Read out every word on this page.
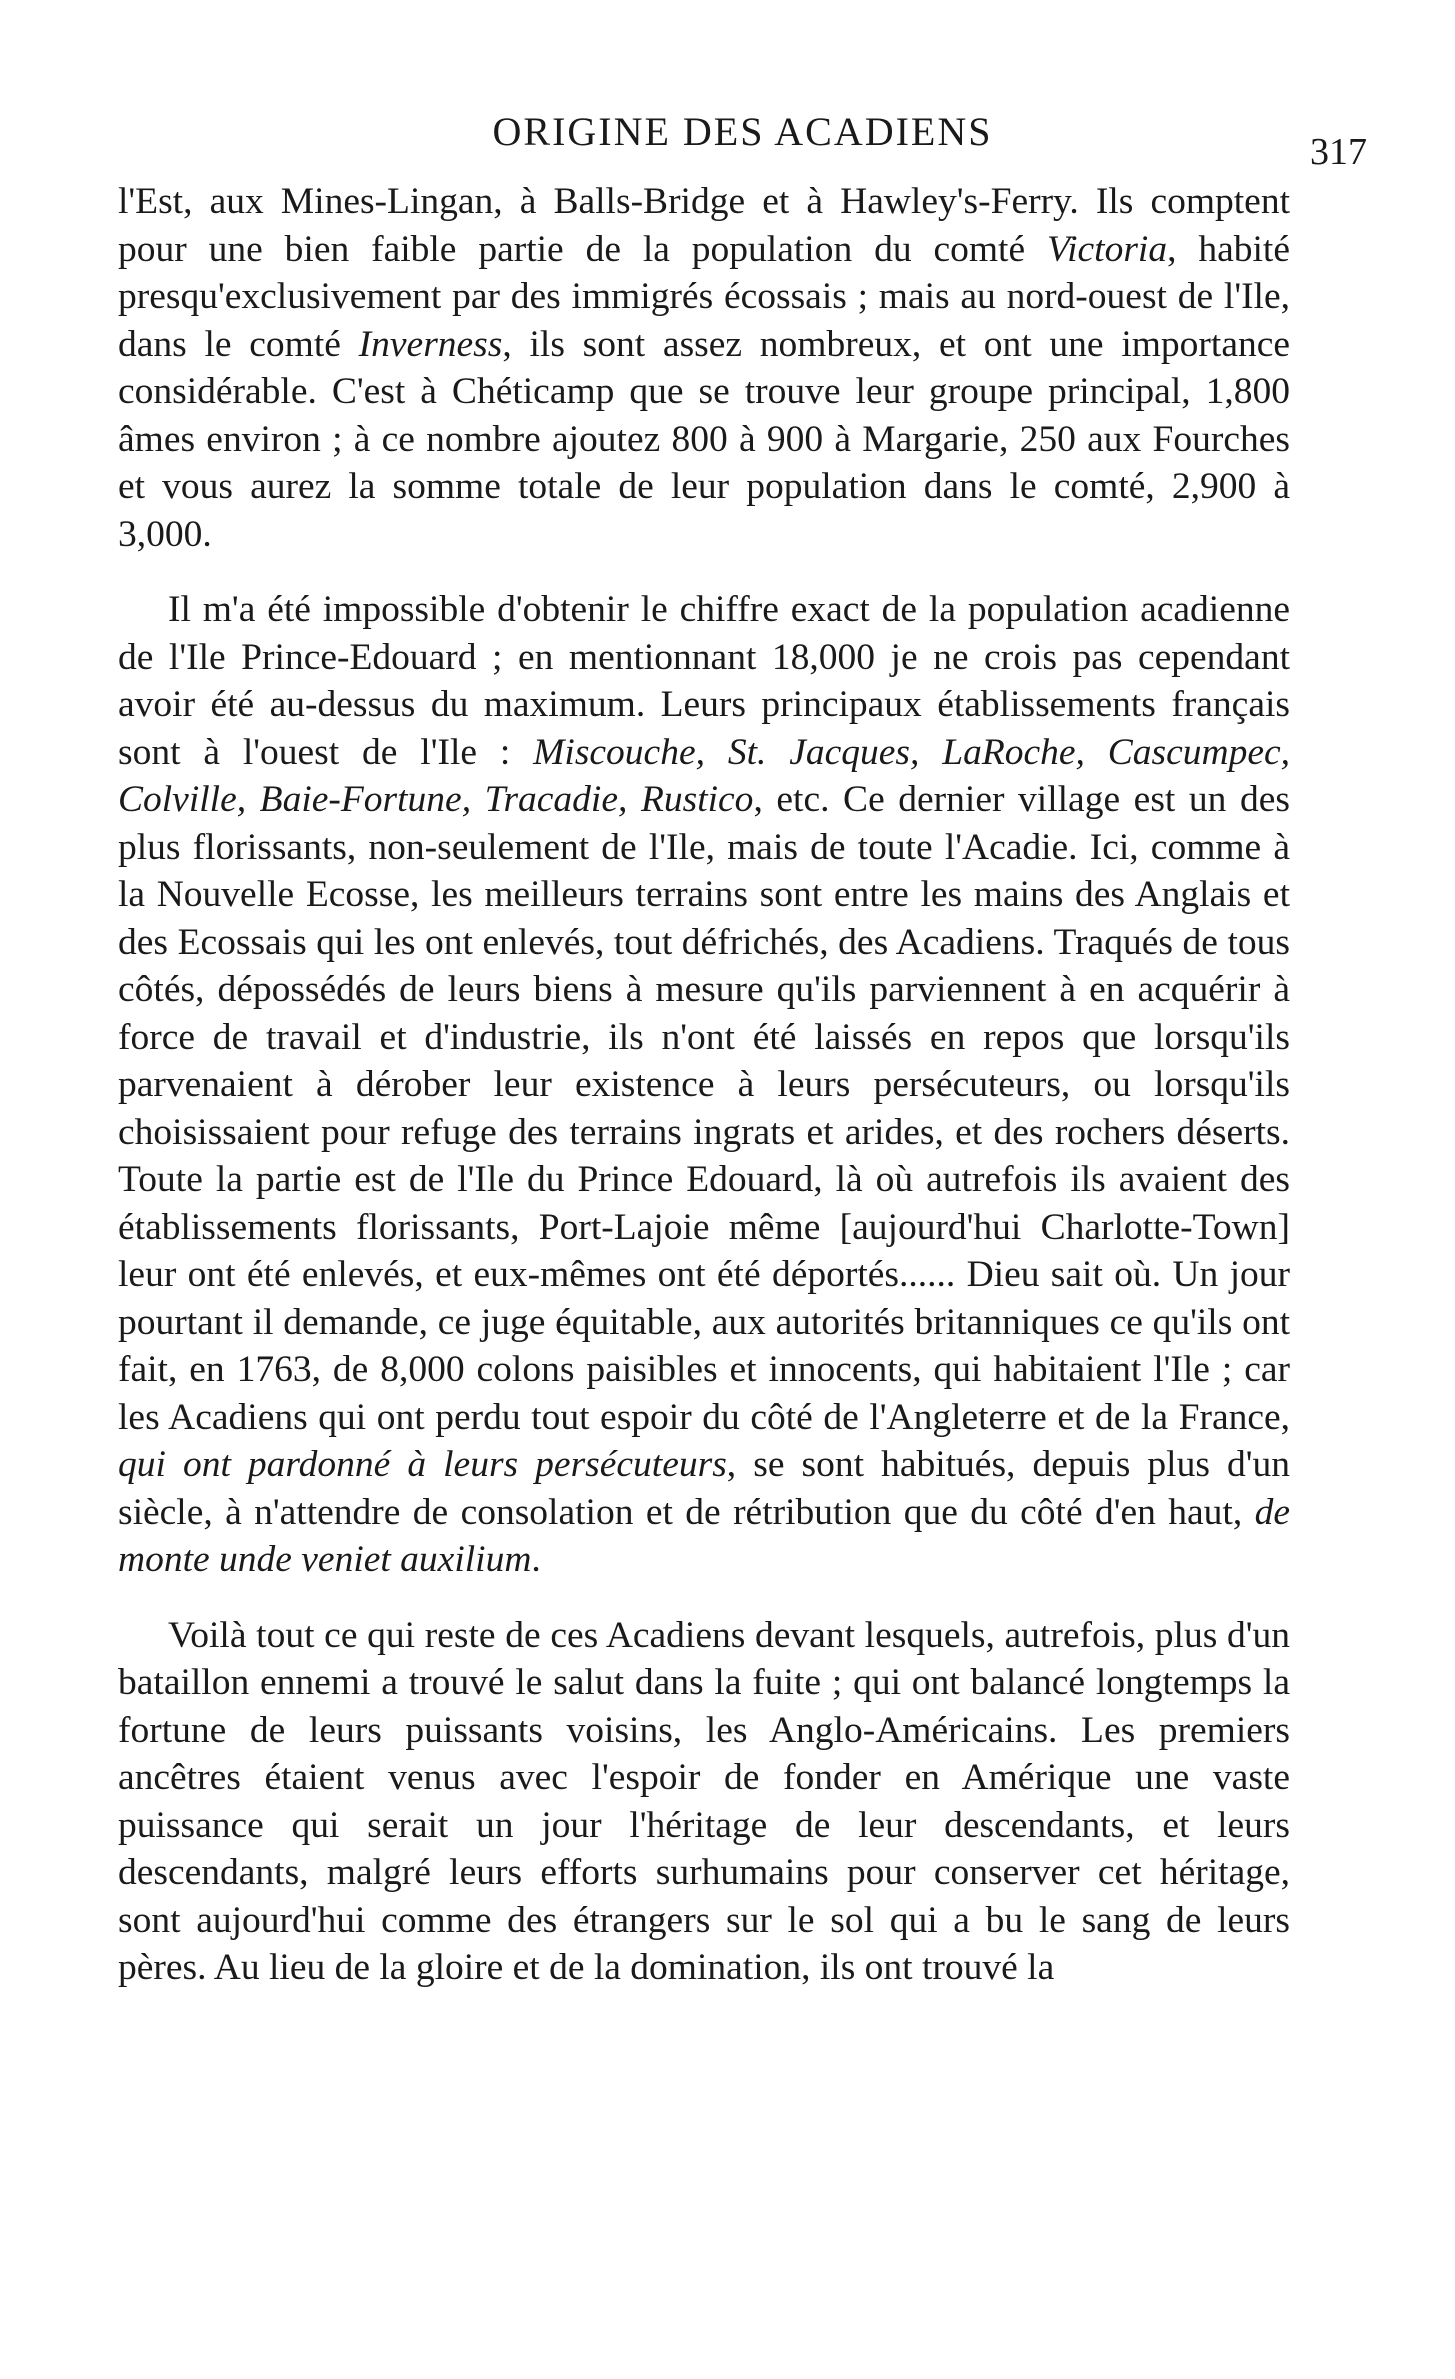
ORIGINE DES ACADIENS	317

l'Est, aux Mines-Lingan, à Balls-Bridge et à Hawley's-Ferry. Ils comptent pour une bien faible partie de la population du comté Victoria, habité presqu'exclusivement par des immigrés écossais ; mais au nord-ouest de l'Ile, dans le comté Inverness, ils sont assez nombreux, et ont une importance considérable. C'est à Chéticamp que se trouve leur groupe principal, 1,800 âmes environ ; à ce nombre ajoutez 800 à 900 à Margarie, 250 aux Fourches et vous aurez la somme totale de leur population dans le comté, 2,900 à 3,000.

Il m'a été impossible d'obtenir le chiffre exact de la population acadienne de l'Ile Prince-Edouard ; en mentionnant 18,000 je ne crois pas cependant avoir été au-dessus du maximum. Leurs principaux établissements français sont à l'ouest de l'Ile : Miscouche, St. Jacques, LaRoche, Cascumpec, Colville, Baie-Fortune, Tracadie, Rustico, etc. Ce dernier village est un des plus florissants, non-seulement de l'Ile, mais de toute l'Acadie. Ici, comme à la Nouvelle Ecosse, les meilleurs terrains sont entre les mains des Anglais et des Ecossais qui les ont enlevés, tout défrichés, des Acadiens. Traqués de tous côtés, dépossédés de leurs biens à mesure qu'ils parviennent à en acquérir à force de travail et d'industrie, ils n'ont été laissés en repos que lorsqu'ils parvenaient à dérober leur existence à leurs persécuteurs, ou lorsqu'ils choisissaient pour refuge des terrains ingrats et arides, et des rochers déserts. Toute la partie est de l'Ile du Prince Edouard, là où autrefois ils avaient des établissements florissants, Port-Lajoie même [aujourd'hui Charlotte-Town] leur ont été enlevés, et eux-mêmes ont été déportés...... Dieu sait où. Un jour pourtant il demande, ce juge équitable, aux autorités britanniques ce qu'ils ont fait, en 1763, de 8,000 colons paisibles et innocents, qui habitaient l'Ile ; car les Acadiens qui ont perdu tout espoir du côté de l'Angleterre et de la France, qui ont pardonné à leurs persécuteurs, se sont habitués, depuis plus d'un siècle, à n'attendre de consolation et de rétribution que du côté d'en haut, de monte unde veniet auxilium.

Voilà tout ce qui reste de ces Acadiens devant lesquels, autrefois, plus d'un bataillon ennemi a trouvé le salut dans la fuite ; qui ont balancé longtemps la fortune de leurs puissants voisins, les Anglo-Américains. Les premiers ancêtres étaient venus avec l'espoir de fonder en Amérique une vaste puissance qui serait un jour l'héritage de leur descendants, et leurs descendants, malgré leurs efforts surhumains pour conserver cet héritage, sont aujourd'hui comme des étrangers sur le sol qui a bu le sang de leurs pères. Au lieu de la gloire et de la domination, ils ont trouvé la
